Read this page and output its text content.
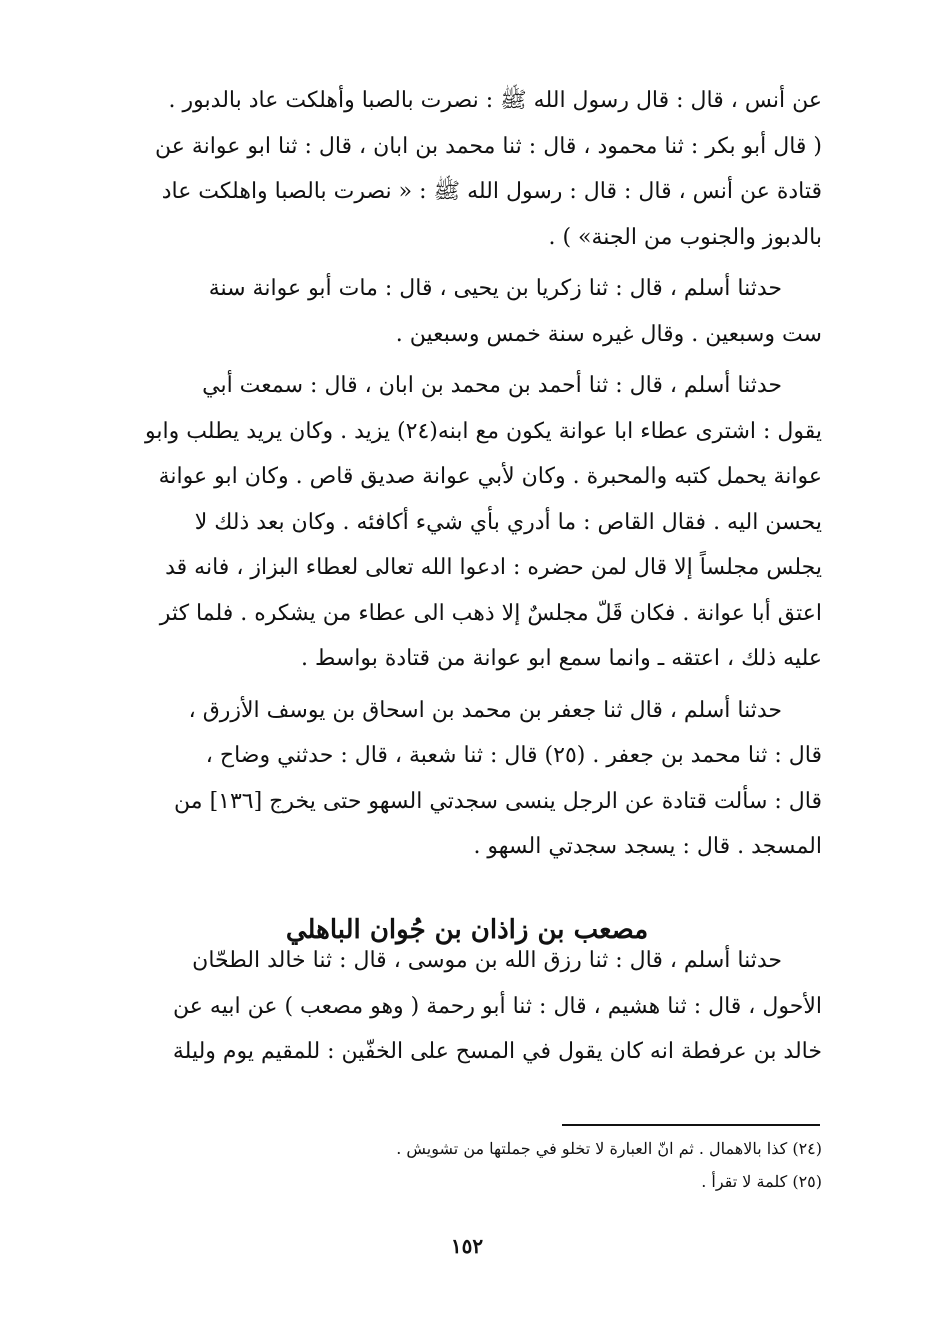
عن أنس ، قال : قال رسول الله ﷺ : نصرت بالصبا وأهلكت عاد بالدبور .
( قال أبو بكر : ثنا محمود ، قال : ثنا محمد بن ابان ، قال : ثنا ابو عوانة عن
قتادة عن أنس ، قال : قال : رسول الله ﷺ : « نصرت بالصبا واهلكت عاد
بالدبوز والجنوب من الجنة» ) .

حدثنا أسلم ، قال : ثنا زكريا بن يحيى ، قال : مات أبو عوانة سنة
ست وسبعين . وقال غيره سنة خمس وسبعين .

حدثنا أسلم ، قال : ثنا أحمد بن محمد بن ابان ، قال : سمعت أبي
يقول : اشترى عطاء ابا عوانة يكون مع ابنه(٢٤) يزيد . وكان يريد يطلب وابو
عوانة يحمل كتبه والمحبرة . وكان لأبي عوانة صديق قاص . وكان ابو عوانة
يحسن اليه . فقال القاص : ما أدري بأي شيء أكافئه . وكان بعد ذلك لا
يجلس مجلساً إلا قال لمن حضره : ادعوا الله تعالى لعطاء البزاز ، فانه قد
اعتق أبا عوانة . فكان قَلّ مجلسٌ إلا ذهب الى عطاء من يشكره . فلما كثر
عليه ذلك ، اعتقه ـ وانما سمع ابو عوانة من قتادة بواسط .

حدثنا أسلم ، قال ثنا جعفر بن محمد بن اسحاق بن يوسف الأزرق ،
قال : ثنا محمد بن جعفر . (٢٥) قال : ثنا شعبة ، قال : حدثني وضاح ،
قال : سألت قتادة عن الرجل ينسى سجدتي السهو حتى يخرج [١٣٦] من
المسجد . قال : يسجد سجدتي السهو .

مصعب بن زاذان بن جُوان الباهلي

حدثنا أسلم ، قال : ثنا رزق الله بن موسى ، قال : ثنا خالد الطحّان
الأحول ، قال : ثنا هشيم ، قال : ثنا أبو رحمة ( وهو مصعب ) عن ابيه عن
خالد بن عرفطة انه كان يقول في المسح على الخفّين : للمقيم يوم وليلة

(٢٤) كذا بالاهمال . ثم انّ العبارة لا تخلو في جملتها من تشويش .

(٢٥) كلمة لا تقرأ .

١٥٢
